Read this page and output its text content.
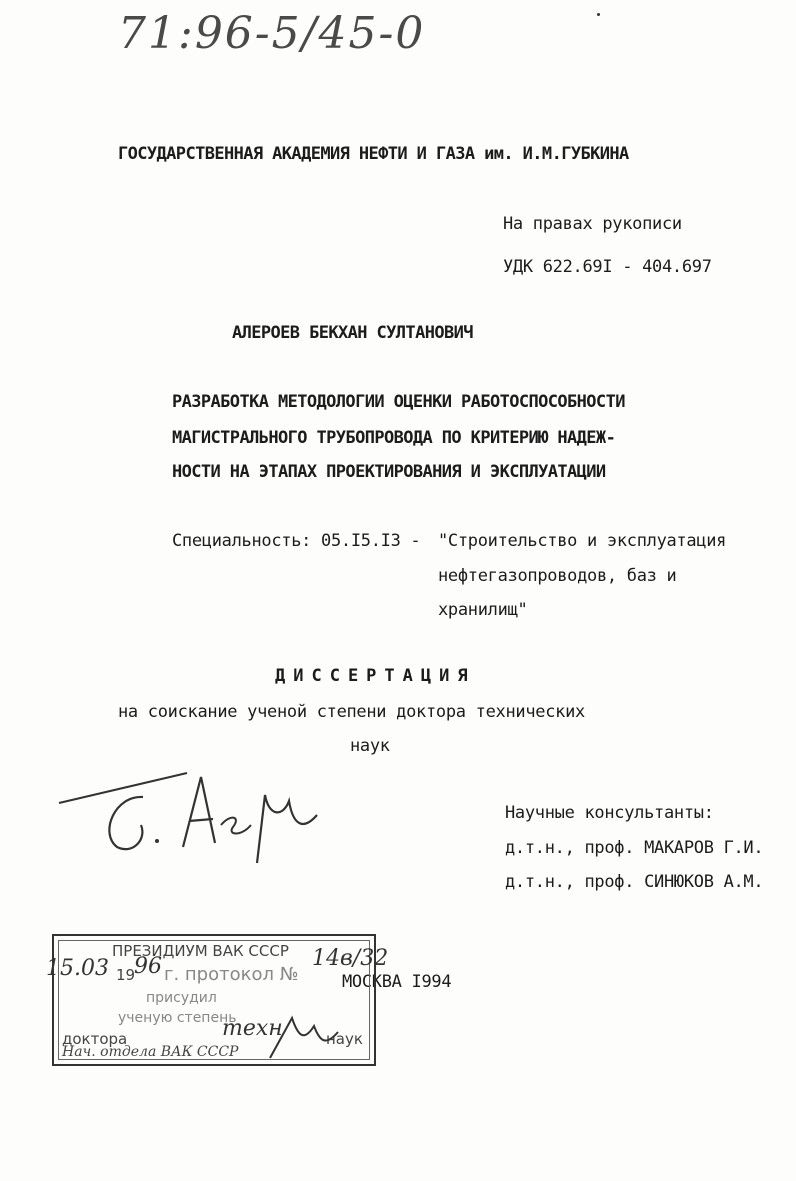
71:96-5/45-0
ГОСУДАРСТВЕННАЯ АКАДЕМИЯ НЕФТИ И ГАЗА им. И.М.ГУБКИНА
На правах рукописи
УДК 622.69I - 404.697
АЛЕРОЕВ БЕКХАН СУЛТАНОВИЧ
РАЗРАБОТКА МЕТОДОЛОГИИ ОЦЕНКИ РАБОТОСПОСОБНОСТИ
МАГИСТРАЛЬНОГО ТРУБОПРОВОДА ПО КРИТЕРИЮ НАДЕЖ-
НОСТИ НА ЭТАПАХ ПРОЕКТИРОВАНИЯ И ЭКСПЛУАТАЦИИ
Специальность: 05.I5.I3 - "Строительство и эксплуатация
нефтегазопроводов, баз и
хранилищ"
ДИССЕРТАЦИЯ
на соискание ученой степени доктора технических
наук
Научные консультанты:
д.т.н., проф. МАКАРОВ Г.И.
д.т.н., проф. СИНЮКОВ А.М.
МОСКВА I994
ПРЕЗИДИУМ ВАК СССР
15.03 19
96 г. протокол №
14в/32
присудил
ученую степень
доктора	техн	наук
Нач. отдела ВАК СССР
